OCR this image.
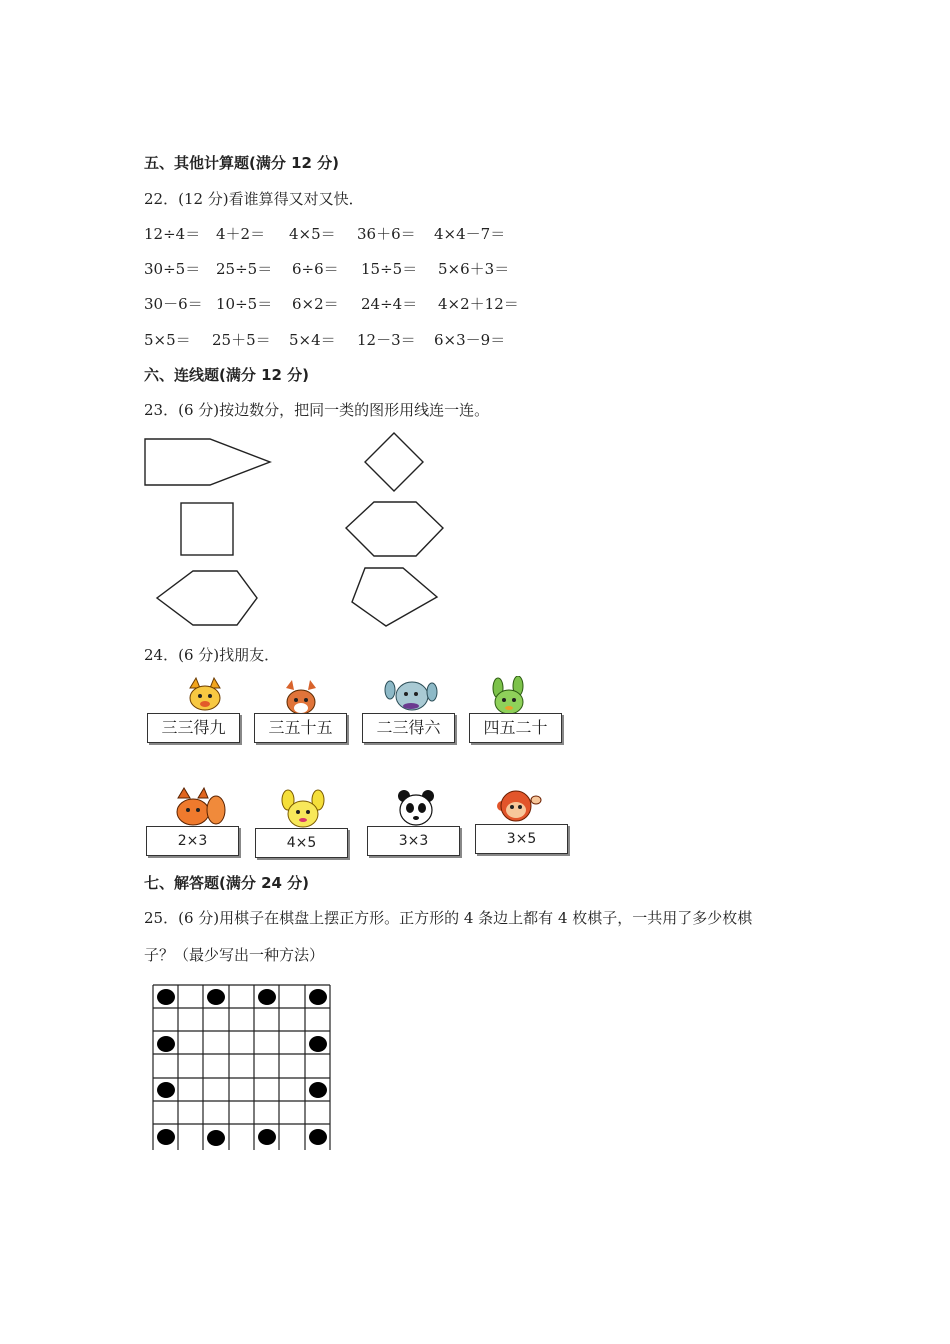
五、其他计算题(满分 12 分)
22．(12 分)看谁算得又对又快．
12÷4＝ 4＋2＝ 4×5＝ 36＋6＝ 4×4－7＝
30÷5＝ 25÷5＝ 6÷6＝ 15÷5＝ 5×6＋3＝
30－6＝ 10÷5＝ 6×2＝ 24÷4＝ 4×2＋12＝
5×5＝ 25＋5＝ 5×4＝ 12－3＝ 6×3－9＝
六、连线题(满分 12 分)
23．(6 分)按边数分，把同一类的图形用线连一连。
24．(6 分)找朋友．
三三得九	三五十五	二三得六	四五二十
2×3	4×5	3×3	3×5
七、解答题(满分 24 分)
25．(6 分)用棋子在棋盘上摆正方形。正方形的 4 条边上都有 4 枚棋子，一共用了多少枚棋
子？（最少写出一种方法）
